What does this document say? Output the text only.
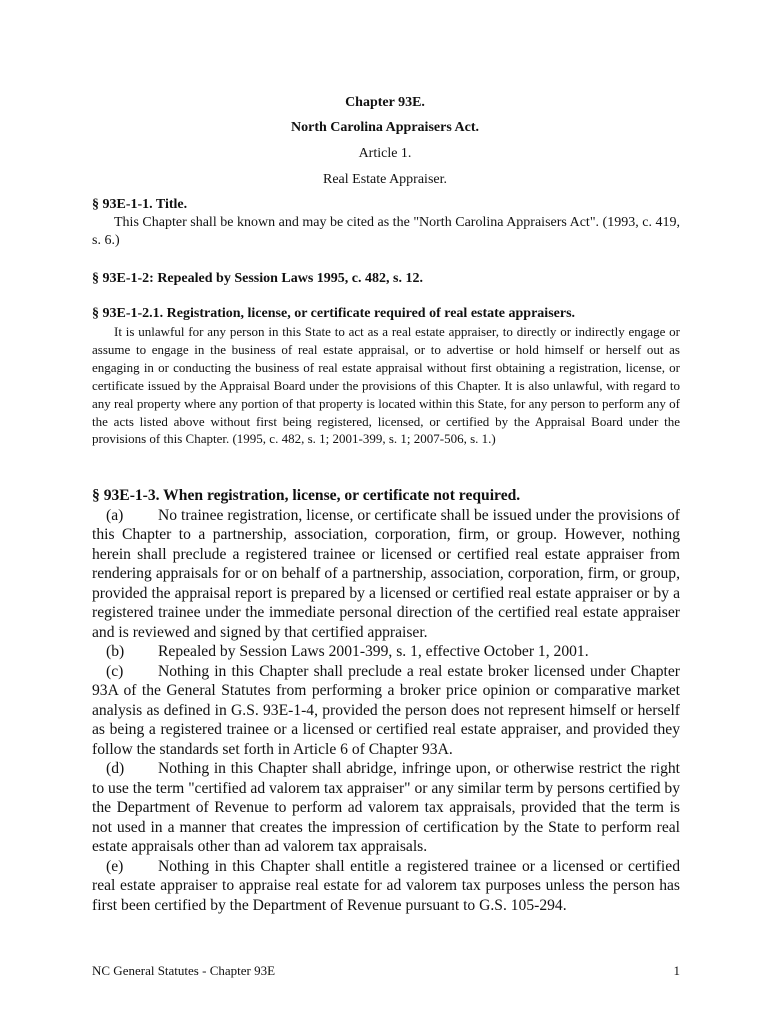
Chapter 93E.
North Carolina Appraisers Act.
Article 1.
Real Estate Appraiser.

§ 93E-1-1. Title.

This Chapter shall be known and may be cited as the "North Carolina Appraisers Act". (1993, c. 419, s. 6.)

§ 93E-1-2: Repealed by Session Laws 1995, c. 482, s. 12.

§ 93E-1-2.1. Registration, license, or certificate required of real estate appraisers.

It is unlawful for any person in this State to act as a real estate appraiser, to directly or indirectly engage or assume to engage in the business of real estate appraisal, or to advertise or hold himself or herself out as engaging in or conducting the business of real estate appraisal without first obtaining a registration, license, or certificate issued by the Appraisal Board under the provisions of this Chapter. It is also unlawful, with regard to any real property where any portion of that property is located within this State, for any person to perform any of the acts listed above without first being registered, licensed, or certified by the Appraisal Board under the provisions of this Chapter. (1995, c. 482, s. 1; 2001-399, s. 1; 2007-506, s. 1.)

§ 93E-1-3. When registration, license, or certificate not required.

(a) No trainee registration, license, or certificate shall be issued under the provisions of this Chapter to a partnership, association, corporation, firm, or group. However, nothing herein shall preclude a registered trainee or licensed or certified real estate appraiser from rendering appraisals for or on behalf of a partnership, association, corporation, firm, or group, provided the appraisal report is prepared by a licensed or certified real estate appraiser or by a registered trainee under the immediate personal direction of the certified real estate appraiser and is reviewed and signed by that certified appraiser.

(b) Repealed by Session Laws 2001-399, s. 1, effective October 1, 2001.

(c) Nothing in this Chapter shall preclude a real estate broker licensed under Chapter 93A of the General Statutes from performing a broker price opinion or comparative market analysis as defined in G.S. 93E-1-4, provided the person does not represent himself or herself as being a registered trainee or a licensed or certified real estate appraiser, and provided they follow the standards set forth in Article 6 of Chapter 93A.

(d) Nothing in this Chapter shall abridge, infringe upon, or otherwise restrict the right to use the term "certified ad valorem tax appraiser" or any similar term by persons certified by the Department of Revenue to perform ad valorem tax appraisals, provided that the term is not used in a manner that creates the impression of certification by the State to perform real estate appraisals other than ad valorem tax appraisals.

(e) Nothing in this Chapter shall entitle a registered trainee or a licensed or certified real estate appraiser to appraise real estate for ad valorem tax purposes unless the person has first been certified by the Department of Revenue pursuant to G.S. 105-294.

NC General Statutes - Chapter 93E	1
